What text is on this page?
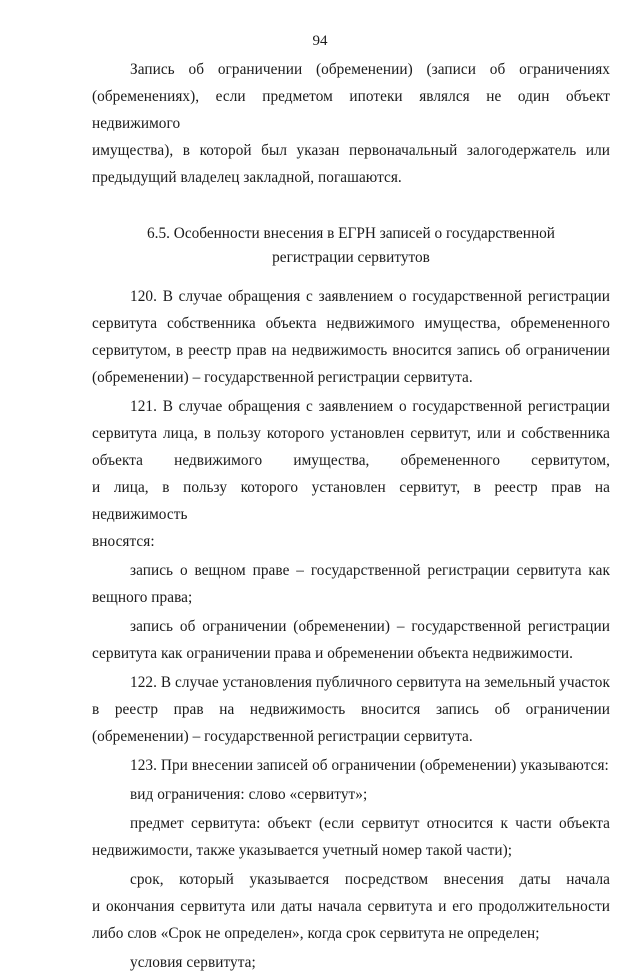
94

Запись об ограничении (обременении) (записи об ограничениях
(обременениях), если предметом ипотеки являлся не один объект недвижимого
имущества), в которой был указан первоначальный залогодержатель или
предыдущий владелец закладной, погашаются.

6.5. Особенности внесения в ЕГРН записей о государственной
регистрации сервитутов

120. В случае обращения с заявлением о государственной регистрации
сервитута собственника объекта недвижимого имущества, обремененного
сервитутом, в реестр прав на недвижимость вносится запись об ограничении
(обременении) – государственной регистрации сервитута.

121. В случае обращения с заявлением о государственной регистрации
сервитута лица, в пользу которого установлен сервитут, или и собственника
объекта недвижимого имущества, обремененного сервитутом,
и лица, в пользу которого установлен сервитут, в реестр прав на недвижимость
вносятся:

запись о вещном праве – государственной регистрации сервитута как
вещного права;

запись об ограничении (обременении) – государственной регистрации
сервитута как ограничении права и обременении объекта недвижимости.

122. В случае установления публичного сервитута на земельный участок
в реестр прав на недвижимость вносится запись об ограничении
(обременении) – государственной регистрации сервитута.

123. При внесении записей об ограничении (обременении) указываются:

вид ограничения: слово «сервитут»;

предмет сервитута: объект (если сервитут относится к части объекта
недвижимости, также указывается учетный номер такой части);

срок, который указывается посредством внесения даты начала
и окончания сервитута или даты начала сервитута и его продолжительности
либо слов «Срок не определен», когда срок сервитута не определен;

условия сервитута;
